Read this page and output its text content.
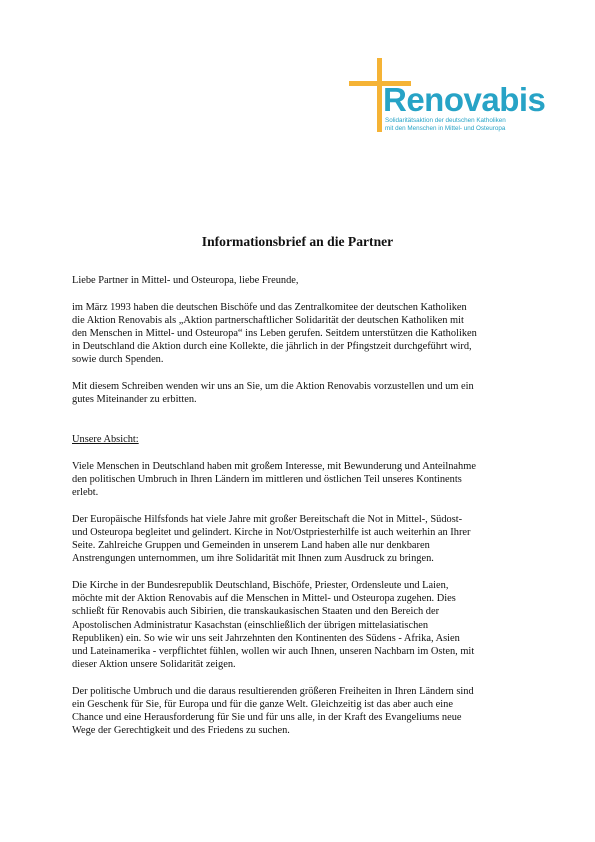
Renovabis
Solidaritätsaktion der deutschen Katholiken
mit den Menschen in Mittel- und Osteuropa
Informationsbrief an die Partner

Liebe Partner in Mittel- und Osteuropa, liebe Freunde,

im März 1993 haben die deutschen Bischöfe und das Zentralkomitee der deutschen Katholiken
die Aktion Renovabis als „Aktion partnerschaftlicher Solidarität der deutschen Katholiken mit
den Menschen in Mittel- und Osteuropa“ ins Leben gerufen. Seitdem unterstützen die Katholiken
in Deutschland die Aktion durch eine Kollekte, die jährlich in der Pfingstzeit durchgeführt wird,
sowie durch Spenden.

Mit diesem Schreiben wenden wir uns an Sie, um die Aktion Renovabis vorzustellen und um ein
gutes Miteinander zu erbitten.

Unsere Absicht:

Viele Menschen in Deutschland haben mit großem Interesse, mit Bewunderung und Anteilnahme
den politischen Umbruch in Ihren Ländern im mittleren und östlichen Teil unseres Kontinents
erlebt.

Der Europäische Hilfsfonds hat viele Jahre mit großer Bereitschaft die Not in Mittel-, Südost-
und Osteuropa begleitet und gelindert. Kirche in Not/Ostpriesterhilfe ist auch weiterhin an Ihrer
Seite. Zahlreiche Gruppen und Gemeinden in unserem Land haben alle nur denkbaren
Anstrengungen unternommen, um ihre Solidarität mit Ihnen zum Ausdruck zu bringen.

Die Kirche in der Bundesrepublik Deutschland, Bischöfe, Priester, Ordensleute und Laien,
möchte mit der Aktion Renovabis auf die Menschen in Mittel- und Osteuropa zugehen. Dies
schließt für Renovabis auch Sibirien, die transkaukasischen Staaten und den Bereich der
Apostolischen Administratur Kasachstan (einschließlich der übrigen mittelasiatischen
Republiken) ein. So wie wir uns seit Jahrzehnten den Kontinenten des Südens - Afrika, Asien
und Lateinamerika - verpflichtet fühlen, wollen wir auch Ihnen, unseren Nachbarn im Osten, mit
dieser Aktion unsere Solidarität zeigen.

Der politische Umbruch und die daraus resultierenden größeren Freiheiten in Ihren Ländern sind
ein Geschenk für Sie, für Europa und für die ganze Welt. Gleichzeitig ist das aber auch eine
Chance und eine Herausforderung für Sie und für uns alle, in der Kraft des Evangeliums neue
Wege der Gerechtigkeit und des Friedens zu suchen.
